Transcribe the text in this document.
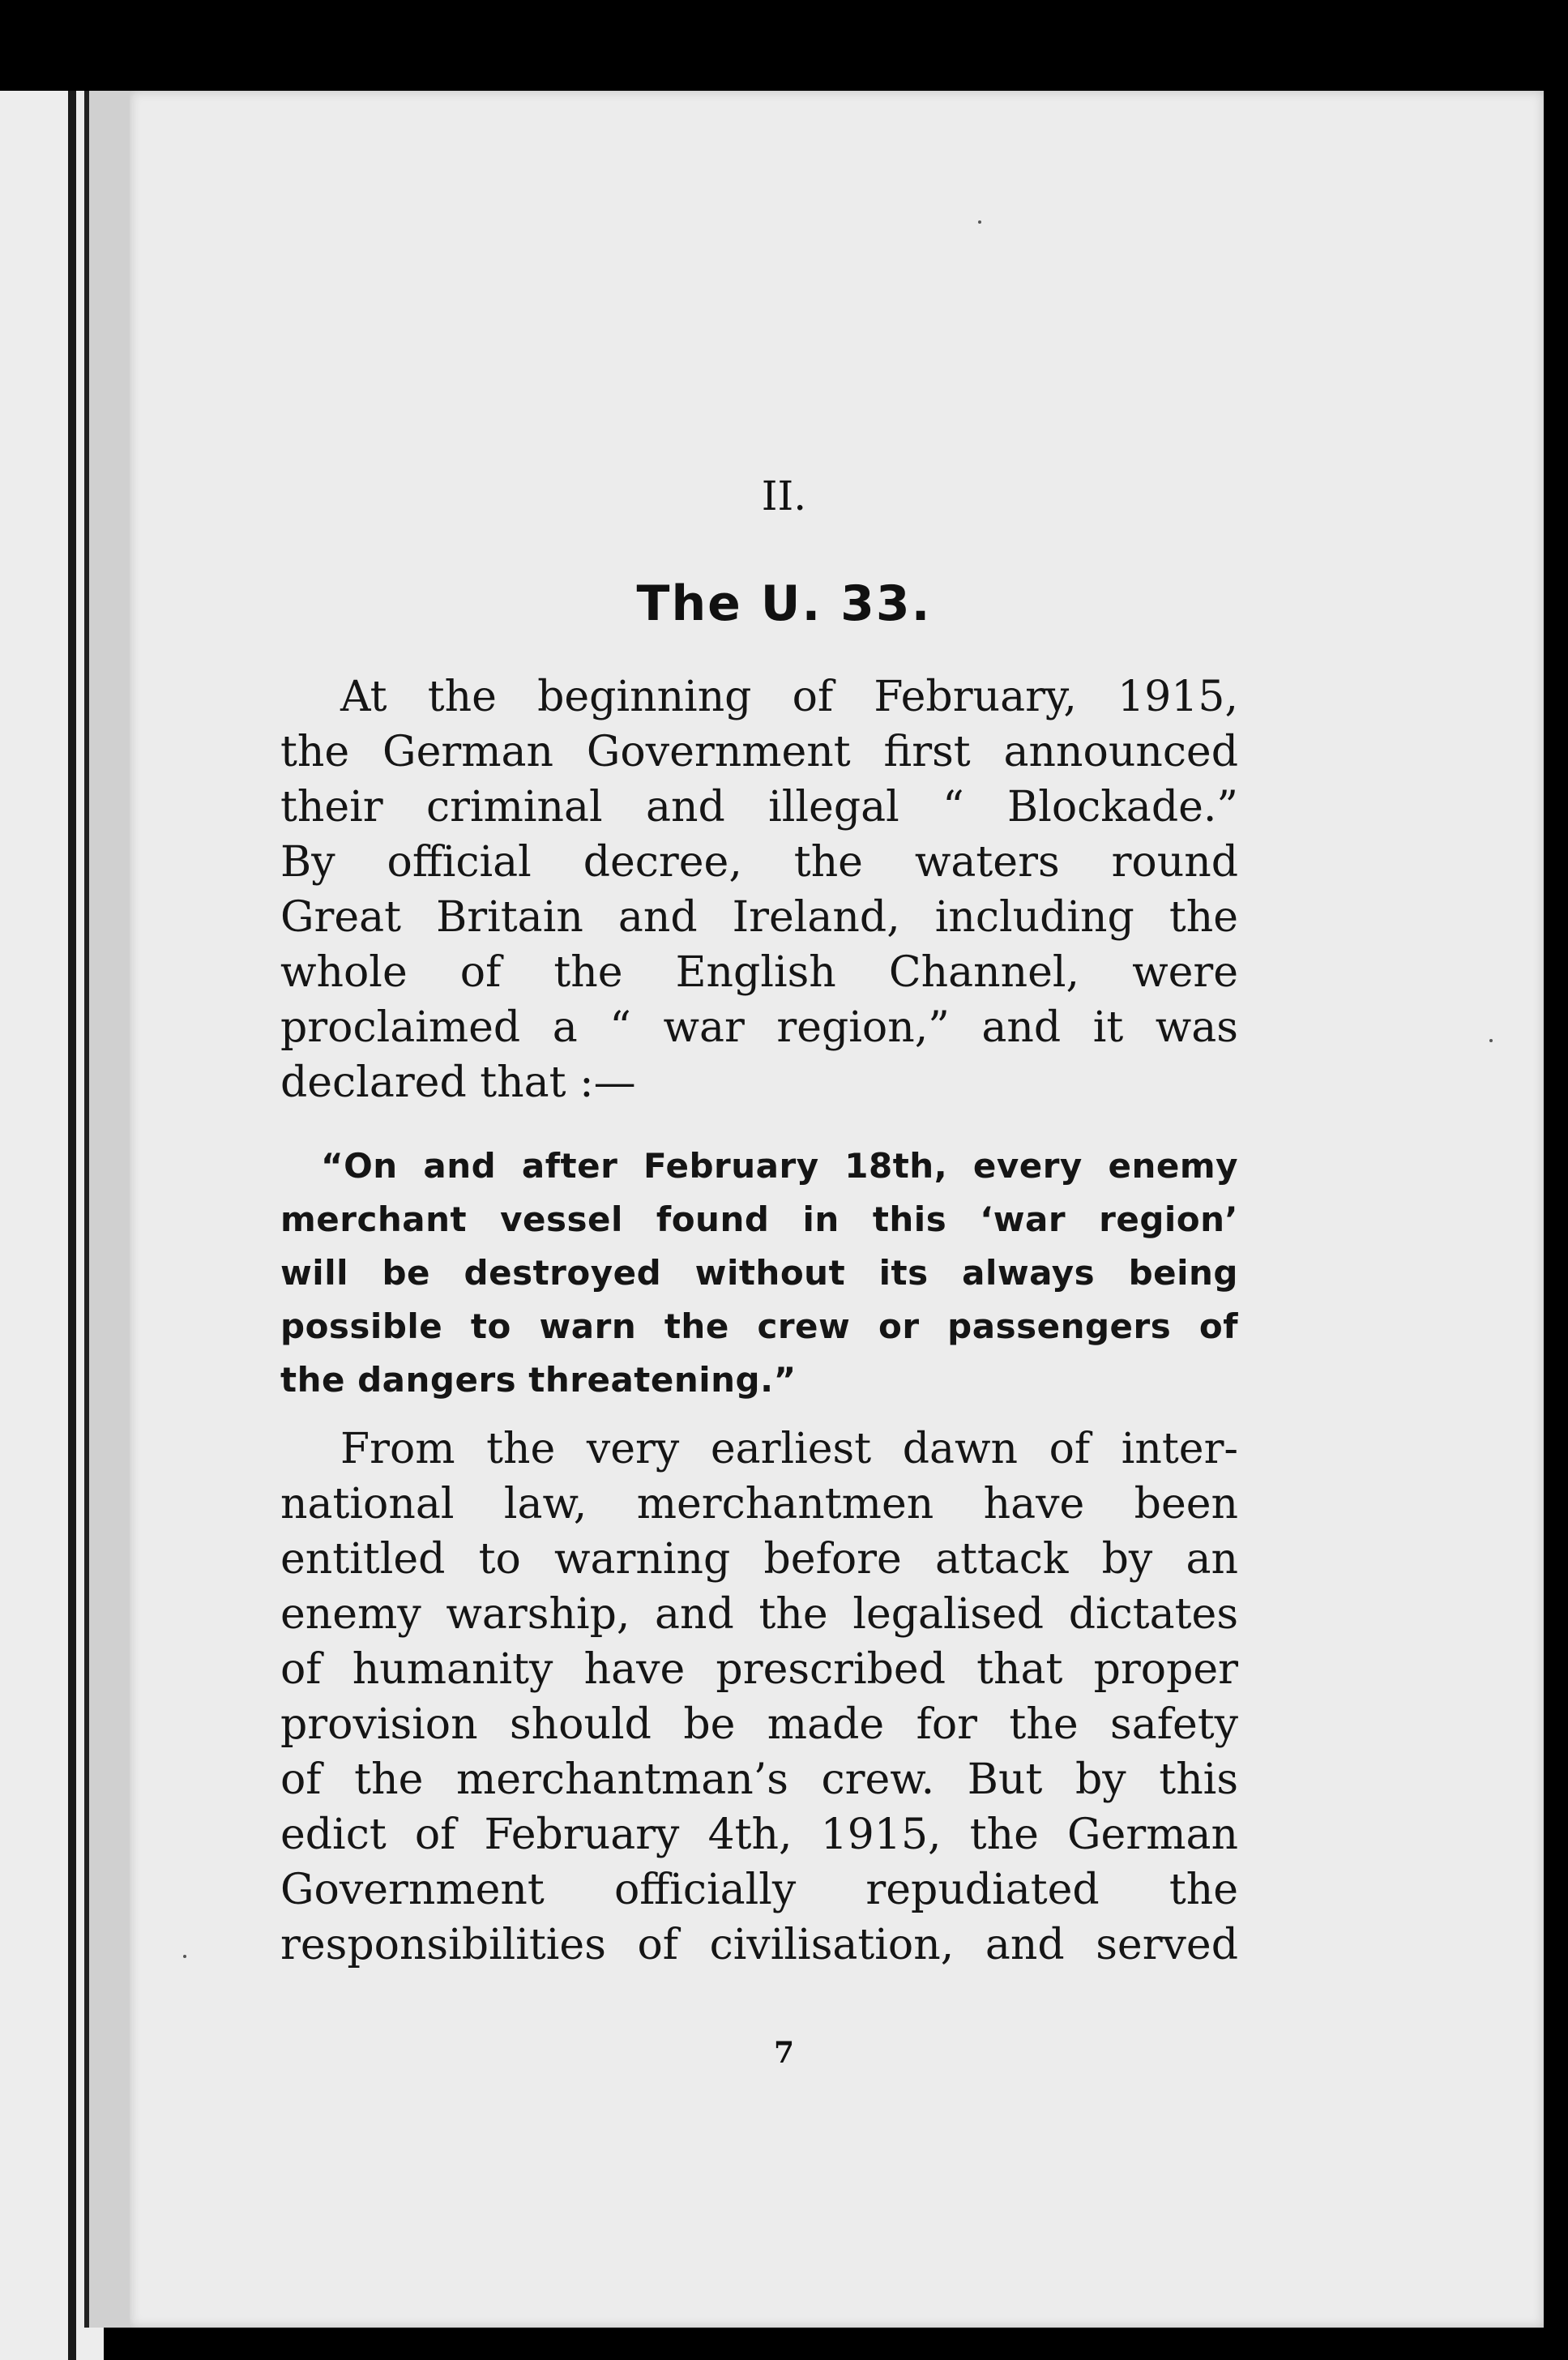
II.
The U. 33.
At the beginning of February, 1915,
the German Government first announced
their criminal and illegal “ Blockade.”
By official decree, the waters round
Great Britain and Ireland, including the
whole of the English Channel, were
proclaimed a “ war region,” and it was
declared that :—
“On and after February 18th, every enemy
merchant vessel found in this ‘war region’
will be destroyed without its always being
possible to warn the crew or passengers of
the dangers threatening.”
From the very earliest dawn of inter-
national law, merchantmen have been
entitled to warning before attack by an
enemy warship, and the legalised dictates
of humanity have prescribed that proper
provision should be made for the safety
of the merchantman’s crew. But by this
edict of February 4th, 1915, the German
Government officially repudiated the
responsibilities of civilisation, and served
7
